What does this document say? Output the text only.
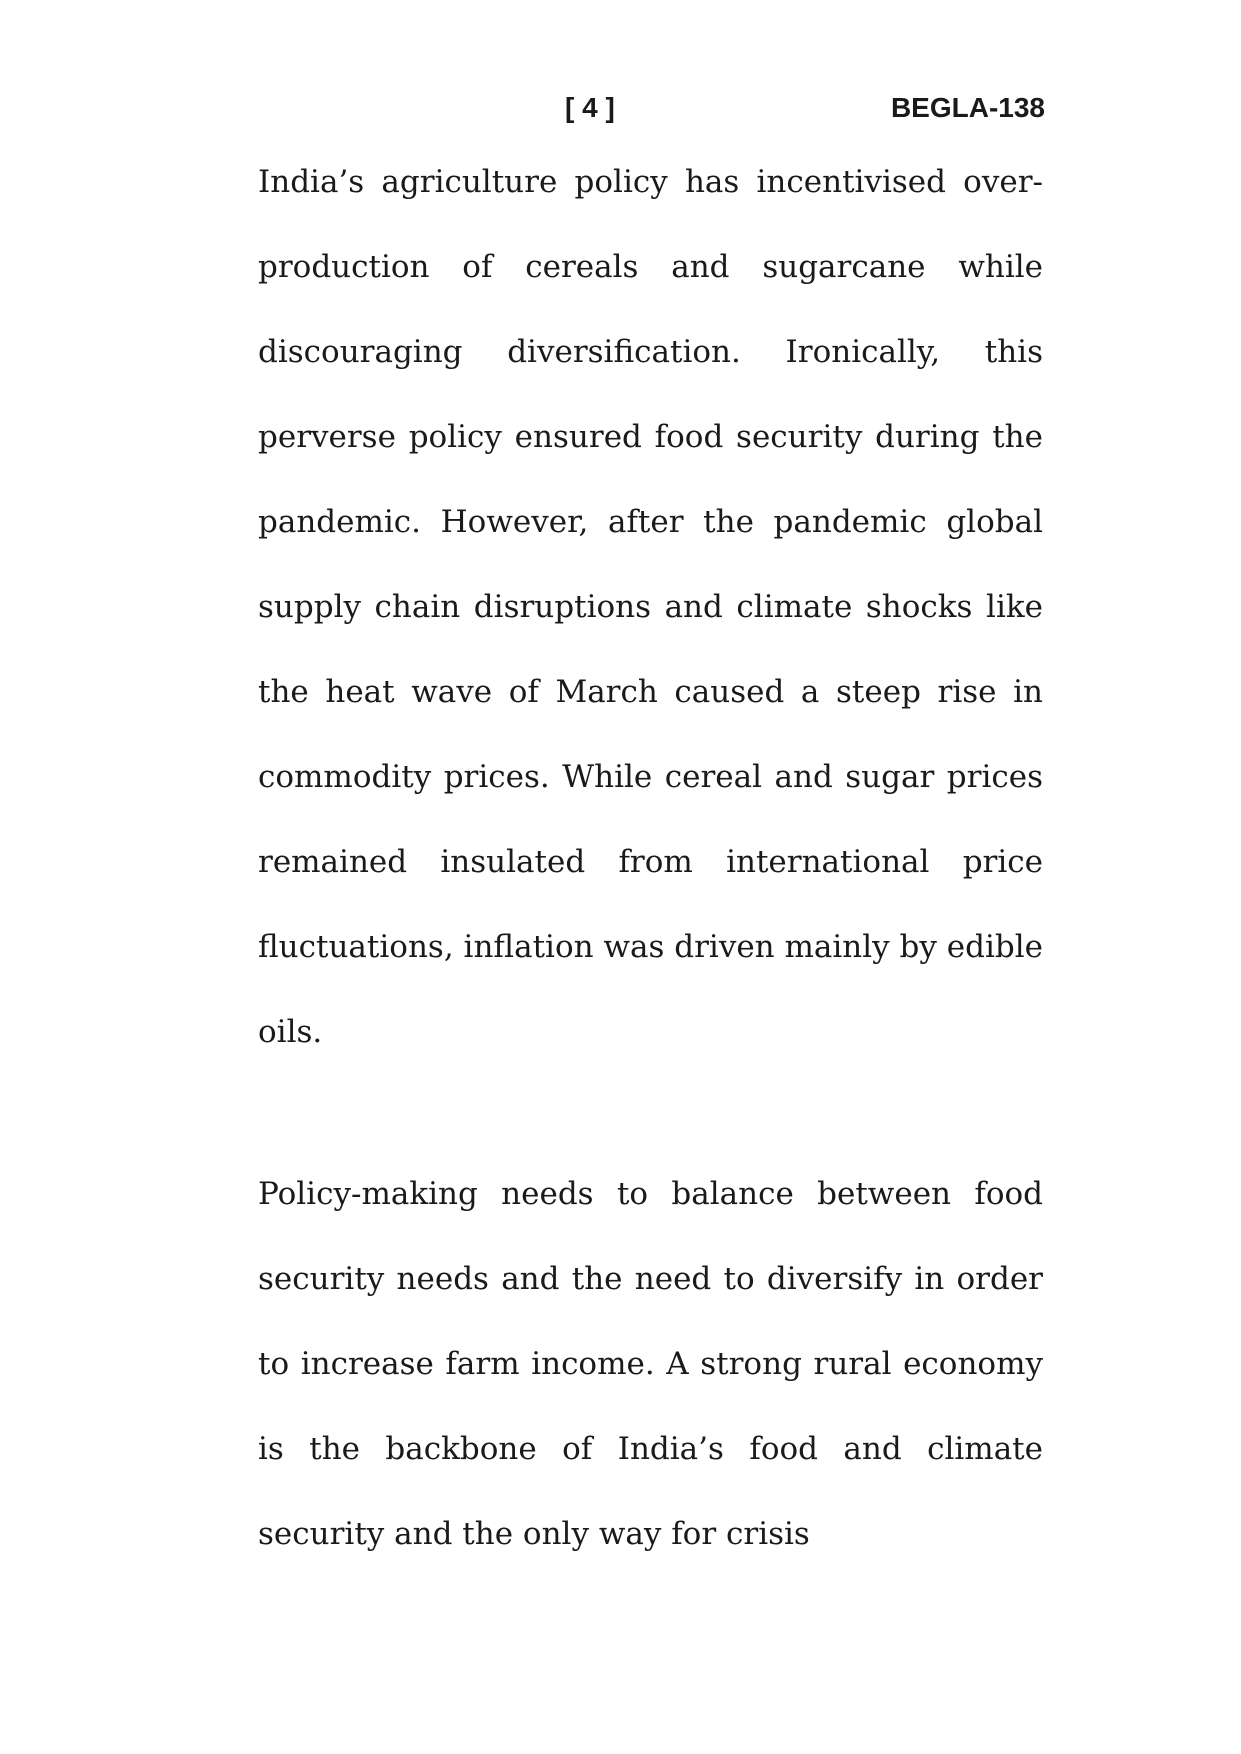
[ 4 ]	BEGLA-138

India’s agriculture policy has incentivised over-production of cereals and sugarcane while discouraging diversification. Ironically, this perverse policy ensured food security during the pandemic. However, after the pandemic global supply chain disruptions and climate shocks like the heat wave of March caused a steep rise in commodity prices. While cereal and sugar prices remained insulated from international price fluctuations, inflation was driven mainly by edible oils.

Policy-making needs to balance between food security needs and the need to diversify in order to increase farm income. A strong rural economy is the backbone of India’s food and climate security and the only way for crisis
